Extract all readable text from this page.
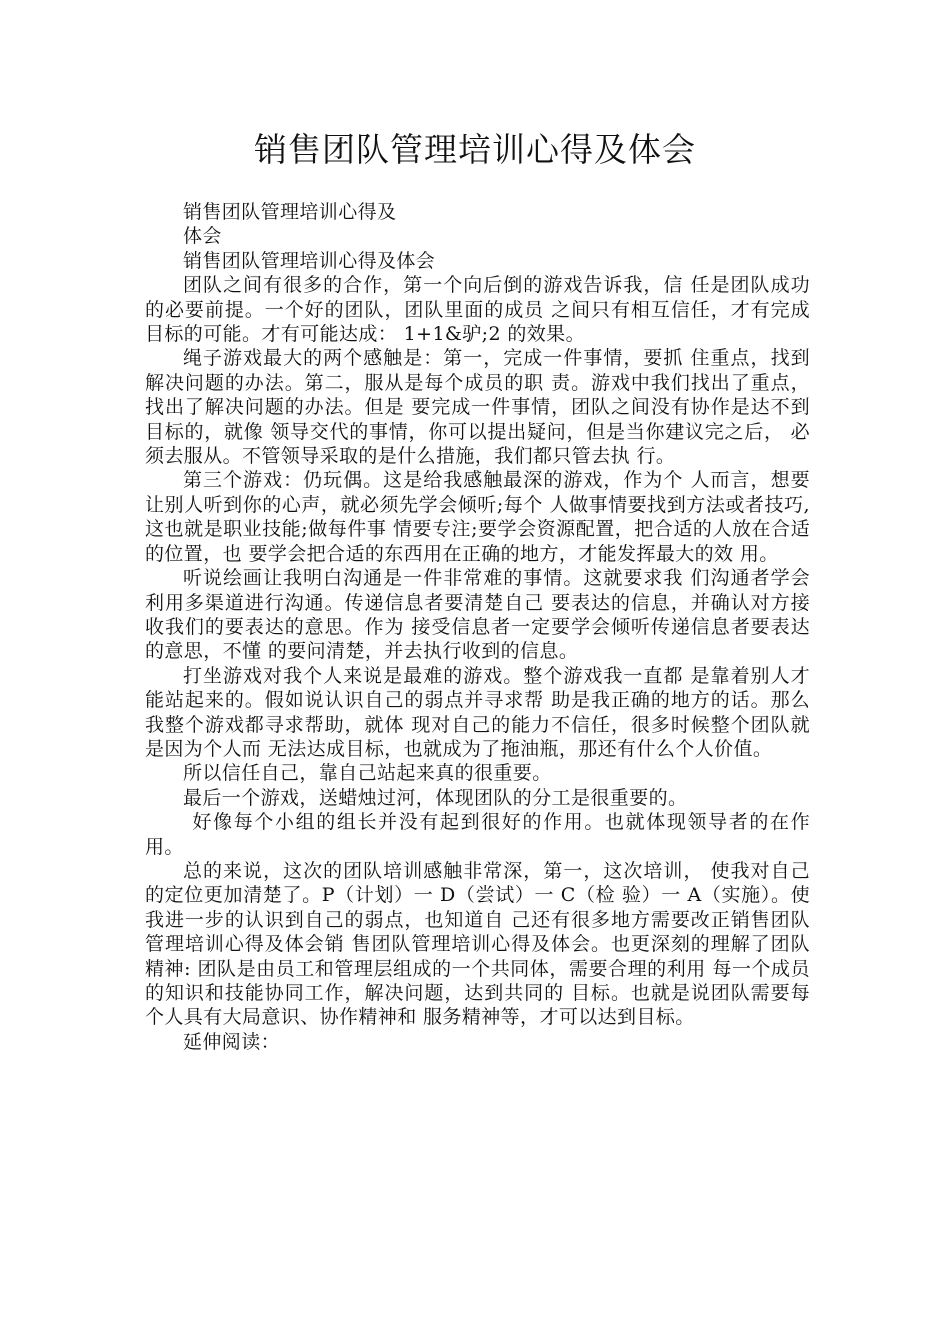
销售团队管理培训心得及体会

销售团队管理培训心得及

体会

销售团队管理培训心得及体会

团队之间有很多的合作，第一个向后倒的游戏告诉我，信 任是团队成功的必要前提。一个好的团队，团队里面的成员 之间只有相互信任，才有完成目标的可能。才有可能达成： 1+1&驴;2 的效果。

绳子游戏最大的两个感触是：第一，完成一件事情，要抓 住重点，找到解决问题的办法。第二，服从是每个成员的职 责。游戏中我们找出了重点，找出了解决问题的办法。但是 要完成一件事情，团队之间没有协作是达不到目标的，就像 领导交代的事情，你可以提出疑问，但是当你建议完之后， 必须去服从。不管领导采取的是什么措施，我们都只管去执 行。

第三个游戏：仍玩偶。这是给我感触最深的游戏，作为个 人而言，想要让别人听到你的心声，就必须先学会倾听;每个 人做事情要找到方法或者技巧,这也就是职业技能;做每件事 情要专注;要学会资源配置，把合适的人放在合适的位置，也 要学会把合适的东西用在正确的地方，才能发挥最大的效 用。

听说绘画让我明白沟通是一件非常难的事情。这就要求我 们沟通者学会利用多渠道进行沟通。传递信息者要清楚自己 要表达的信息，并确认对方接收我们的要表达的意思。作为 接受信息者一定要学会倾听传递信息者要表达的意思，不懂 的要问清楚，并去执行收到的信息。

打坐游戏对我个人来说是最难的游戏。整个游戏我一直都 是靠着别人才能站起来的。假如说认识自己的弱点并寻求帮 助是我正确的地方的话。那么我整个游戏都寻求帮助，就体 现对自己的能力不信任，很多时候整个团队就是因为个人而 无法达成目标，也就成为了拖油瓶，那还有什么个人价值。

所以信任自己，靠自己站起来真的很重要。

最后一个游戏，送蜡烛过河，体现团队的分工是很重要的。

好像每个小组的组长并没有起到很好的作用。也就体现领导者的在作用。

总的来说，这次的团队培训感触非常深，第一，这次培训， 使我对自己的定位更加清楚了。P（计划）一 D（尝试）一 C（检 验）一 A（实施）。使我进一步的认识到自己的弱点，也知道自 己还有很多地方需要改正销售团队管理培训心得及体会销 售团队管理培训心得及体会。也更深刻的理解了团队精神: 团队是由员工和管理层组成的一个共同体，需要合理的利用 每一个成员的知识和技能协同工作，解决问题，达到共同的 目标。也就是说团队需要每个人具有大局意识、协作精神和 服务精神等，才可以达到目标。

延伸阅读：
